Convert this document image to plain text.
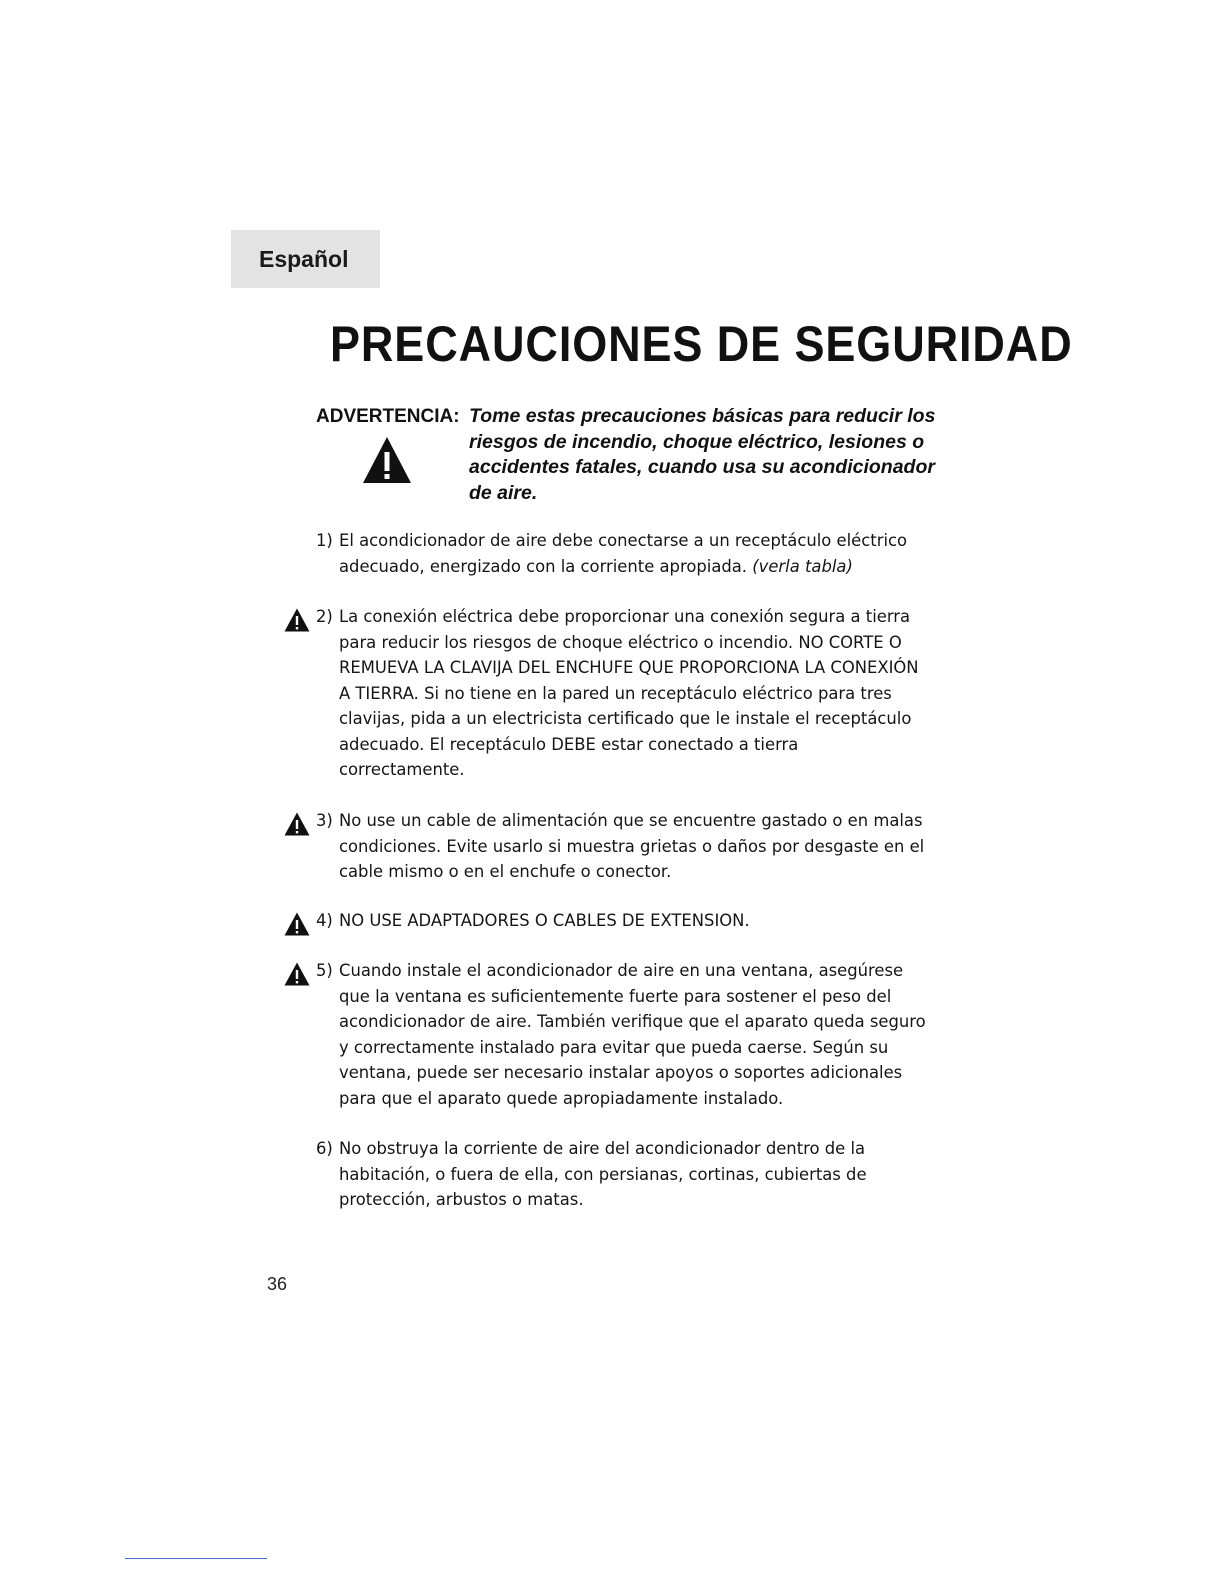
Español
PRECAUCIONES DE SEGURIDAD
ADVERTENCIA: Tome estas precauciones básicas para reducir los riesgos de incendio, choque eléctrico, lesiones o accidentes fatales, cuando usa su acondicionador de aire.
1) El acondicionador de aire debe conectarse a un receptáculo eléctrico adecuado, energizado con la corriente apropiada. (verla tabla)
2) La conexión eléctrica debe proporcionar una conexión segura a tierra para reducir los riesgos de choque eléctrico o incendio. NO CORTE O REMUEVA LA CLAVIJA DEL ENCHUFE QUE PROPORCIONA LA CONEXIÓN A TIERRA. Si no tiene en la pared un receptáculo eléctrico para tres clavijas, pida a un electricista certificado que le instale el receptáculo adecuado. El receptáculo DEBE estar conectado a tierra correctamente.
3) No use un cable de alimentación que se encuentre gastado o en malas condiciones. Evite usarlo si muestra grietas o daños por desgaste en el cable mismo o en el enchufe o conector.
4) NO USE ADAPTADORES O CABLES DE EXTENSION.
5) Cuando instale el acondicionador de aire en una ventana, asegúrese que la ventana es suficientemente fuerte para sostener el peso del acondicionador de aire. También verifique que el aparato queda seguro y correctamente instalado para evitar que pueda caerse. Según su ventana, puede ser necesario instalar apoyos o soportes adicionales para que el aparato quede apropiadamente instalado.
6) No obstruya la corriente de aire del acondicionador dentro de la habitación, o fuera de ella, con persianas, cortinas, cubiertas de protección, arbustos o matas.
36
